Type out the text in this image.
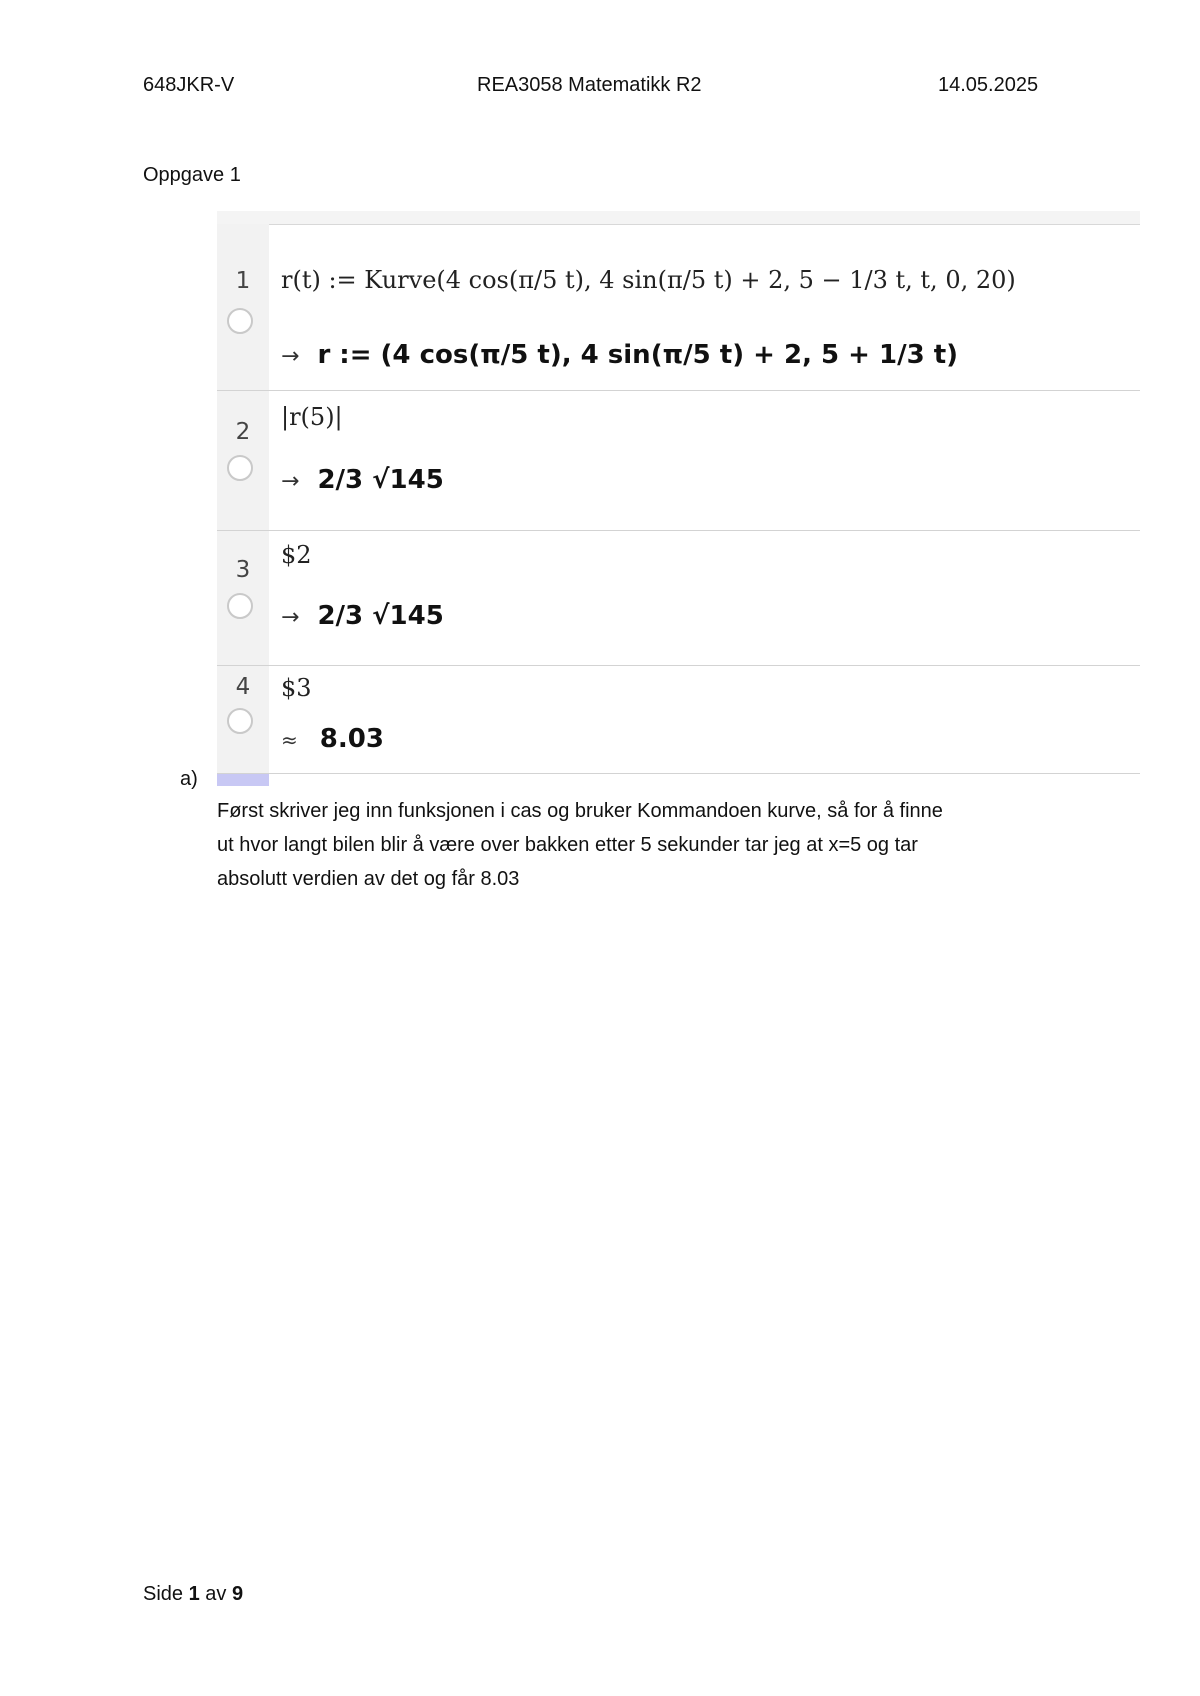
648JKR-V	REA3058 Matematikk R2	14.05.2025
Oppgave 1
1	r(t) := Kurve(4 cos(π/5 t), 4 sin(π/5 t) + 2, 5 − 1/3 t, t, 0, 20)
→ r := (4 cos(π/5 t), 4 sin(π/5 t) + 2, 5 + 1/3 t)
2
|r(5)|
→ 2/3 √145
3
$2
→ 2/3 √145
4	$3
≈ 8.03
a)
Først skriver jeg inn funksjonen i cas og bruker Kommandoen kurve, så for å finne
ut hvor langt bilen blir å være over bakken etter 5 sekunder tar jeg at x=5 og tar
absolutt verdien av det og får 8.03
Side 1 av 9
